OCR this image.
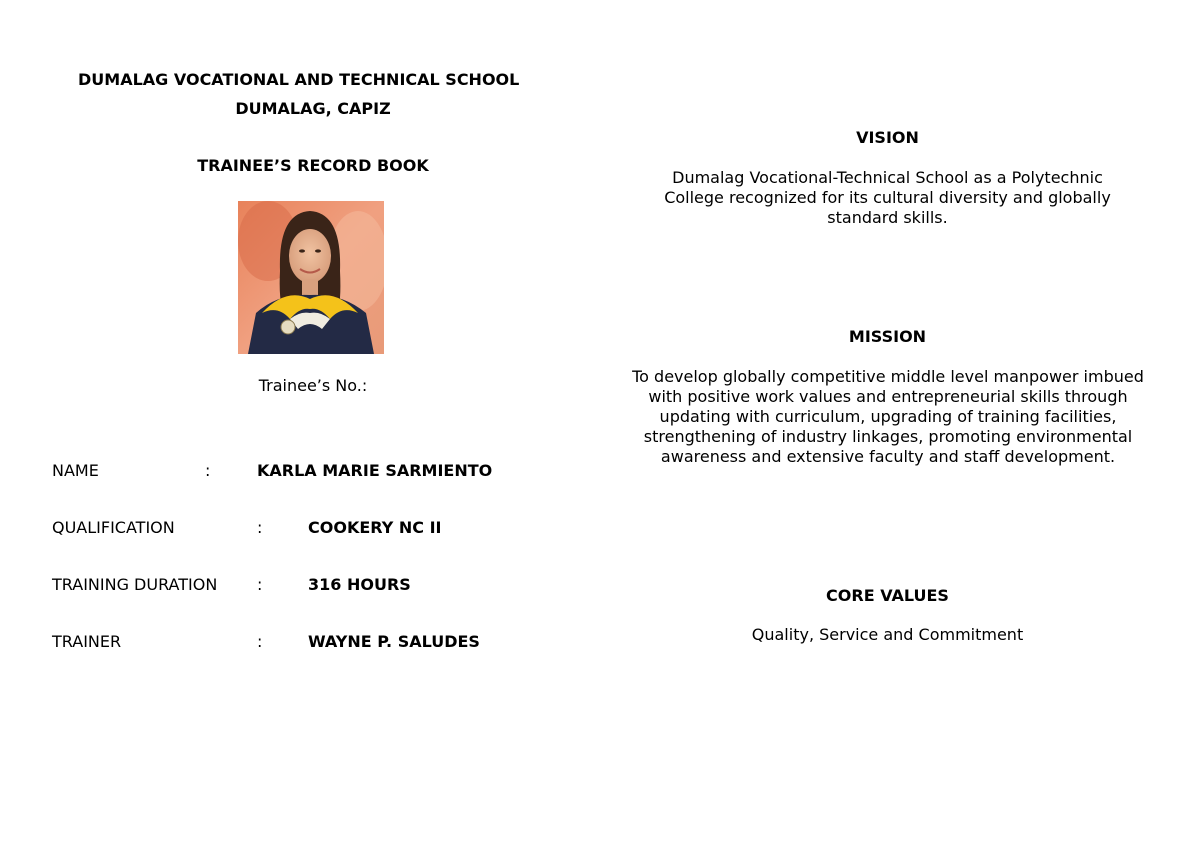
DUMALAG VOCATIONAL AND TECHNICAL SCHOOL
DUMALAG, CAPIZ
TRAINEE’S RECORD BOOK
Trainee’s No.:
NAME	:	KARLA MARIE SARMIENTO
QUALIFICATION	:	COOKERY NC II
TRAINING DURATION :	316 HOURS
TRAINER	:	WAYNE P. SALUDES
VISION
Dumalag Vocational-Technical School as a Polytechnic College recognized for its cultural diversity and globally standard skills.
MISSION
To develop globally competitive middle level manpower imbued with positive work values and entrepreneurial skills through updating with curriculum, upgrading of training facilities, strengthening of industry linkages, promoting environmental awareness and extensive faculty and staff development.
CORE VALUES
Quality, Service and Commitment
